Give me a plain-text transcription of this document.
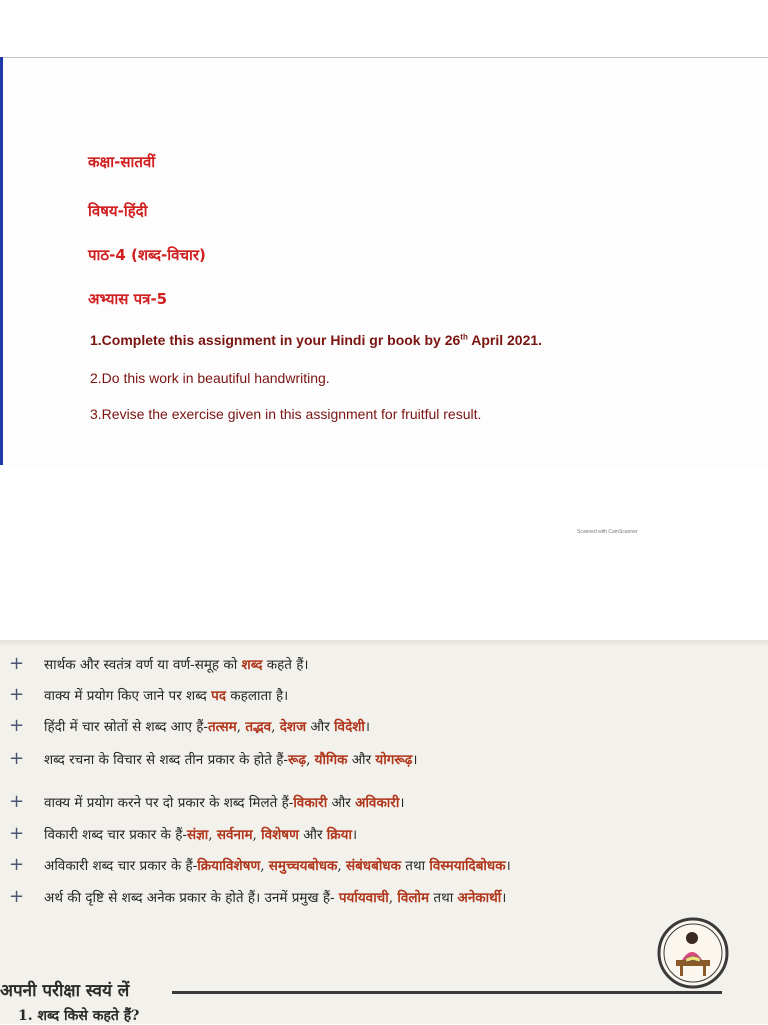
कक्षा-सातवीं

विषय-हिंदी

पाठ-4 (शब्द-विचार)

अभ्यास पत्र-5

1.Complete this assignment in your Hindi gr book by 26th April 2021.

2.Do this work in beautiful handwriting.

3.Revise the exercise given in this assignment for fruitful result.

Scanned with CamScanner
+ सार्थक और स्वतंत्र वर्ण या वर्ण-समूह को शब्द कहते हैं।

+ वाक्य में प्रयोग किए जाने पर शब्द पद कहलाता है।

+ हिंदी में चार स्रोतों से शब्द आए हैं-तत्सम, तद्भव, देशज और विदेशी।

+ शब्द रचना के विचार से शब्द तीन प्रकार के होते हैं-रूढ़, यौगिक और योगरूढ़।

+ वाक्य में प्रयोग करने पर दो प्रकार के शब्द मिलते हैं-विकारी और अविकारी।

+ विकारी शब्द चार प्रकार के हैं-संज्ञा, सर्वनाम, विशेषण और क्रिया।

+ अविकारी शब्द चार प्रकार के हैं-क्रियाविशेषण, समुच्चयबोधक, संबंधबोधक तथा विस्मयादिबोधक।

+ अर्थ की दृष्टि से शब्द अनेक प्रकार के होते हैं। उनमें प्रमुख हैं- पर्यायवाची, विलोम तथा अनेकार्थी।

अपनी परीक्षा स्वयं लें

1. शब्द किसे कहते हैं?
